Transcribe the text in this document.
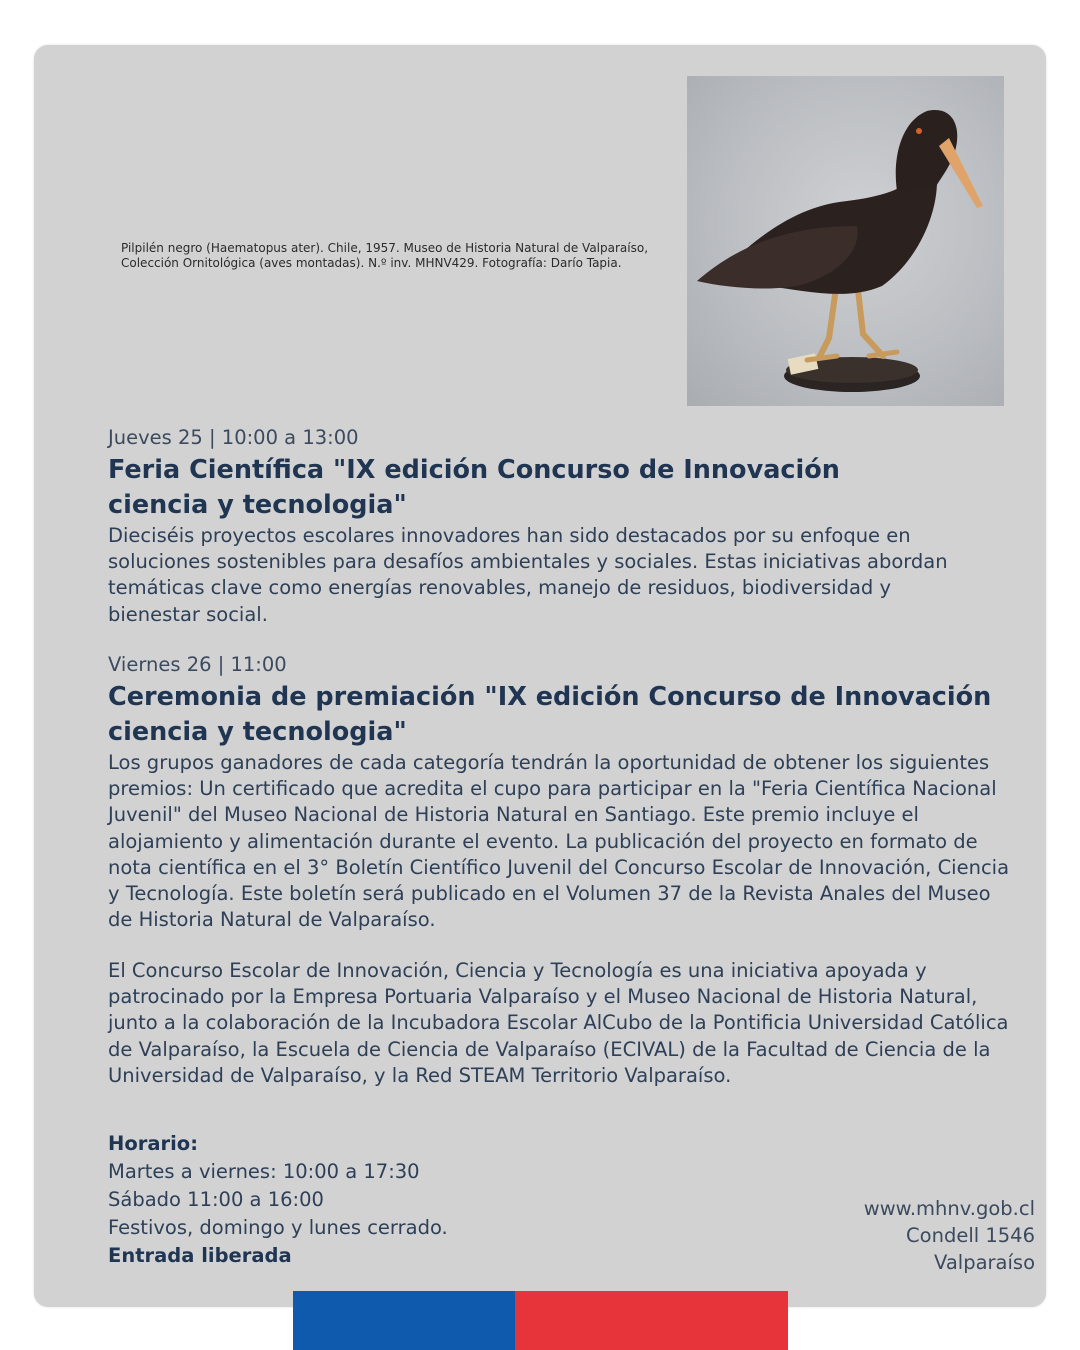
Pilpilén negro (Haematopus ater). Chile, 1957. Museo de Historia Natural de Valparaíso,
Colección Ornitológica (aves montadas). N.º inv. MHNV429. Fotografía: Darío Tapia.

Jueves 25 | 10:00 a 13:00

Feria Científica "IX edición Concurso de Innovación
ciencia y tecnologia"

Dieciséis proyectos escolares innovadores han sido destacados por su enfoque en
soluciones sostenibles para desafíos ambientales y sociales. Estas iniciativas abordan
temáticas clave como energías renovables, manejo de residuos, biodiversidad y
bienestar social.

Viernes 26 | 11:00

Ceremonia de premiación "IX edición Concurso de Innovación
ciencia y tecnologia"

Los grupos ganadores de cada categoría tendrán la oportunidad de obtener los siguientes
premios: Un certificado que acredita el cupo para participar en la "Feria Científica Nacional
Juvenil" del Museo Nacional de Historia Natural en Santiago. Este premio incluye el
alojamiento y alimentación durante el evento. La publicación del proyecto en formato de
nota científica en el 3° Boletín Científico Juvenil del Concurso Escolar de Innovación, Ciencia
y Tecnología. Este boletín será publicado en el Volumen 37 de la Revista Anales del Museo
de Historia Natural de Valparaíso.

El Concurso Escolar de Innovación, Ciencia y Tecnología es una iniciativa apoyada y
patrocinado por la Empresa Portuaria Valparaíso y el Museo Nacional de Historia Natural,
junto a la colaboración de la Incubadora Escolar AlCubo de la Pontificia Universidad Católica
de Valparaíso, la Escuela de Ciencia de Valparaíso (ECIVAL) de la Facultad de Ciencia de la
Universidad de Valparaíso, y la Red STEAM Territorio Valparaíso.

Horario:

Martes a viernes: 10:00 a 17:30

Sábado 11:00 a 16:00

Festivos, domingo y lunes cerrado.

Entrada liberada

www.mhnv.gob.cl
Condell 1546
Valparaíso
